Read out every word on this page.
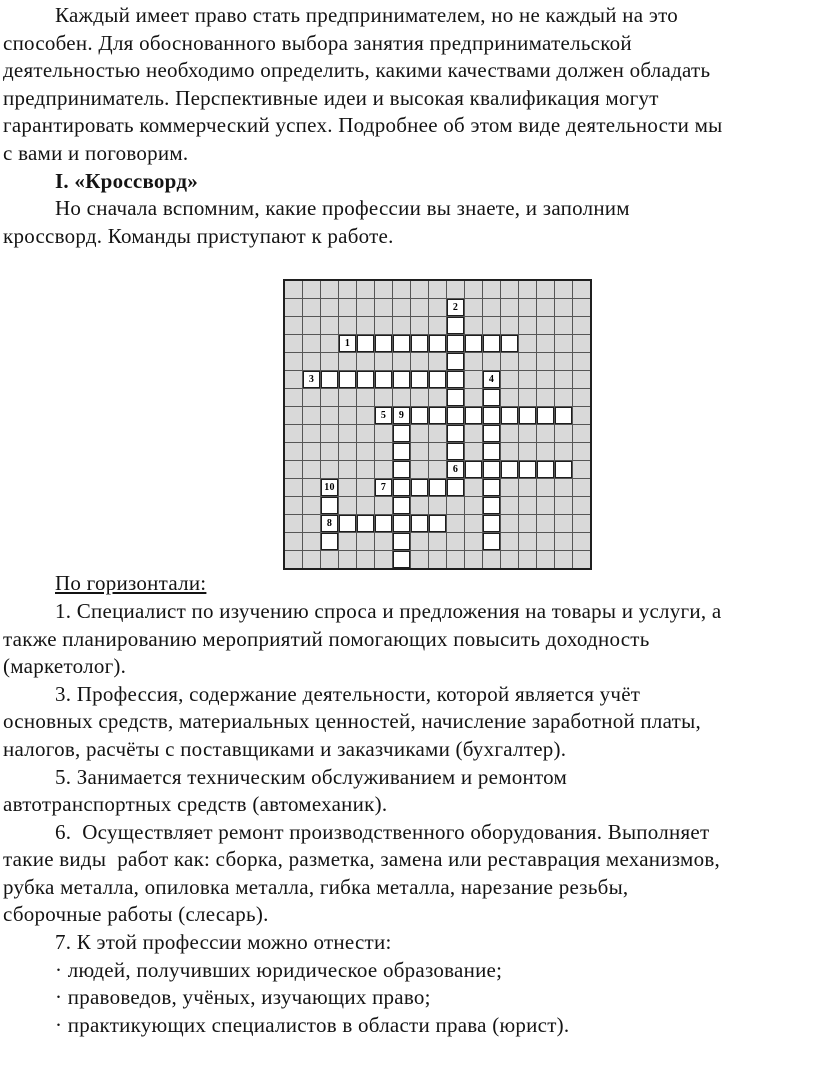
Каждый имеет право стать предпринимателем, но не каждый на это
способен. Для обоснованного выбора занятия предпринимательской
деятельностью необходимо определить, какими качествами должен обладать
предприниматель. Перспективные идеи и высокая квалификация могут
гарантировать коммерческий успех. Подробнее об этом виде деятельности мы
с вами и поговорим.
I. «Кроссворд»
Но сначала вспомним, какие профессии вы знаете, и заполним
кроссворд. Команды приступают к работе.

									2							

			1													

	3										4					

					5	9										

									6							

		10			7											

		8														

По горизонтали:
1. Специалист по изучению спроса и предложения на товары и услуги, а
также планированию мероприятий помогающих повысить доходность
(маркетолог).
3. Профессия, содержание деятельности, которой является учёт
основных средств, материальных ценностей, начисление заработной платы,
налогов, расчёты с поставщиками и заказчиками (бухгалтер).
5. Занимается техническим обслуживанием и ремонтом
автотранспортных средств (автомеханик).
6.  Осуществляет ремонт производственного оборудования. Выполняет
такие виды  работ как: сборка, разметка, замена или реставрация механизмов,
рубка металла, опиловка металла, гибка металла, нарезание резьбы,
сборочные работы (слесарь).
7. К этой профессии можно отнести:
· людей, получивших юридическое образование;
· правоведов, учёных, изучающих право;
· практикующих специалистов в области права (юрист).
